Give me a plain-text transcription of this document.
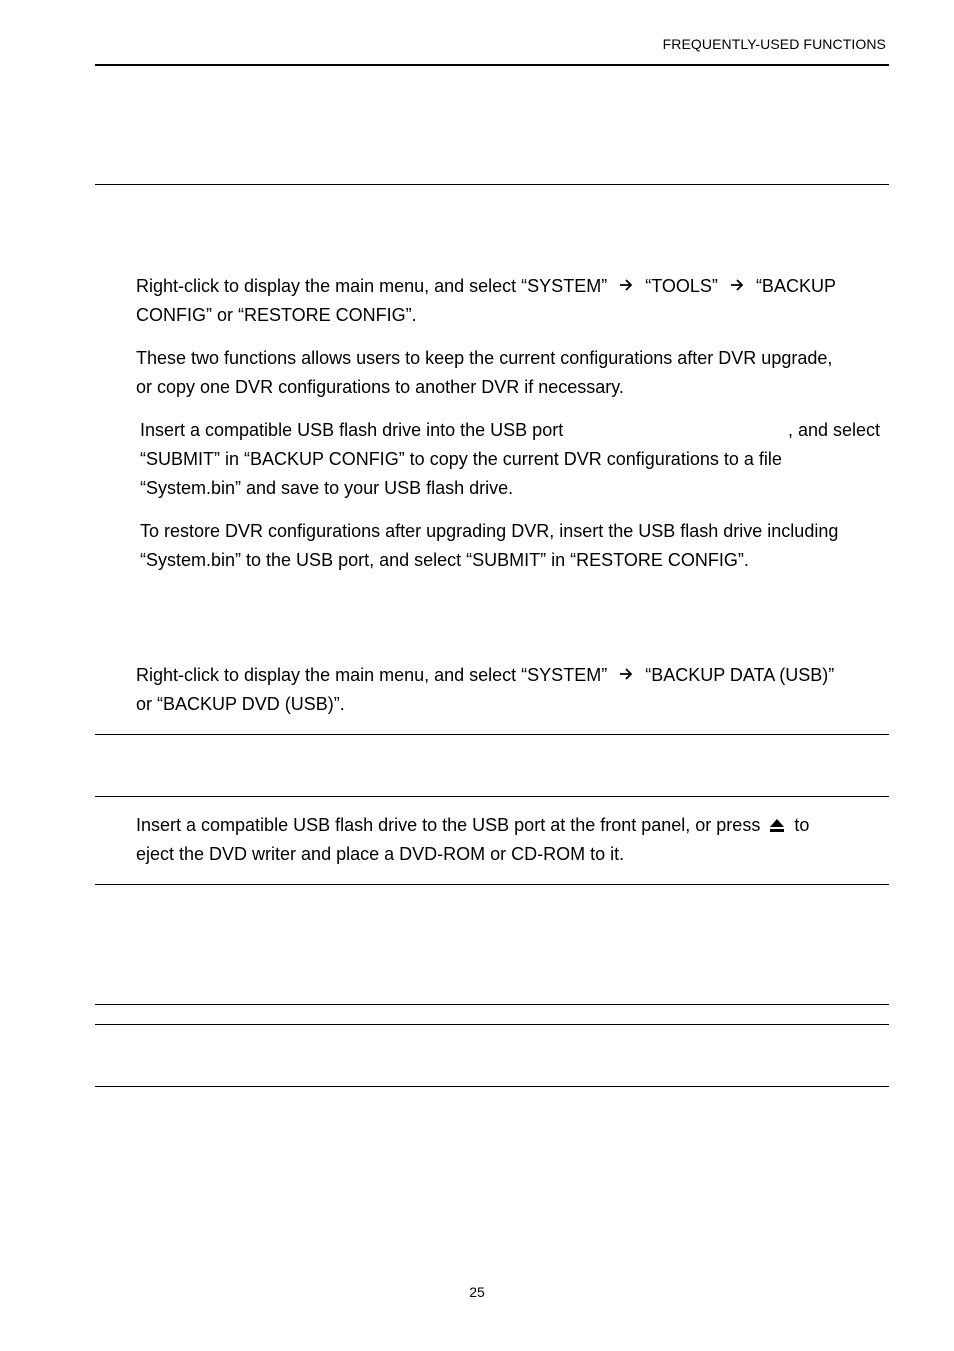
FREQUENTLY-USED FUNCTIONS
Right-click to display the main menu, and select “SYSTEM” “TOOLS” “BACKUP
CONFIG” or “RESTORE CONFIG”.
These two functions allows users to keep the current configurations after DVR upgrade,
or copy one DVR configurations to another DVR if necessary.
Insert a compatible USB flash drive into the USB port	, and select
“SUBMIT” in “BACKUP CONFIG” to copy the current DVR configurations to a file
“System.bin” and save to your USB flash drive.
To restore DVR configurations after upgrading DVR, insert the USB flash drive including
“System.bin” to the USB port, and select “SUBMIT” in “RESTORE CONFIG”.
Right-click to display the main menu, and select “SYSTEM” “BACKUP DATA (USB)”
or “BACKUP DVD (USB)”.
Insert a compatible USB flash drive to the USB port at the front panel, or press to
eject the DVD writer and place a DVD-ROM or CD-ROM to it.
25
